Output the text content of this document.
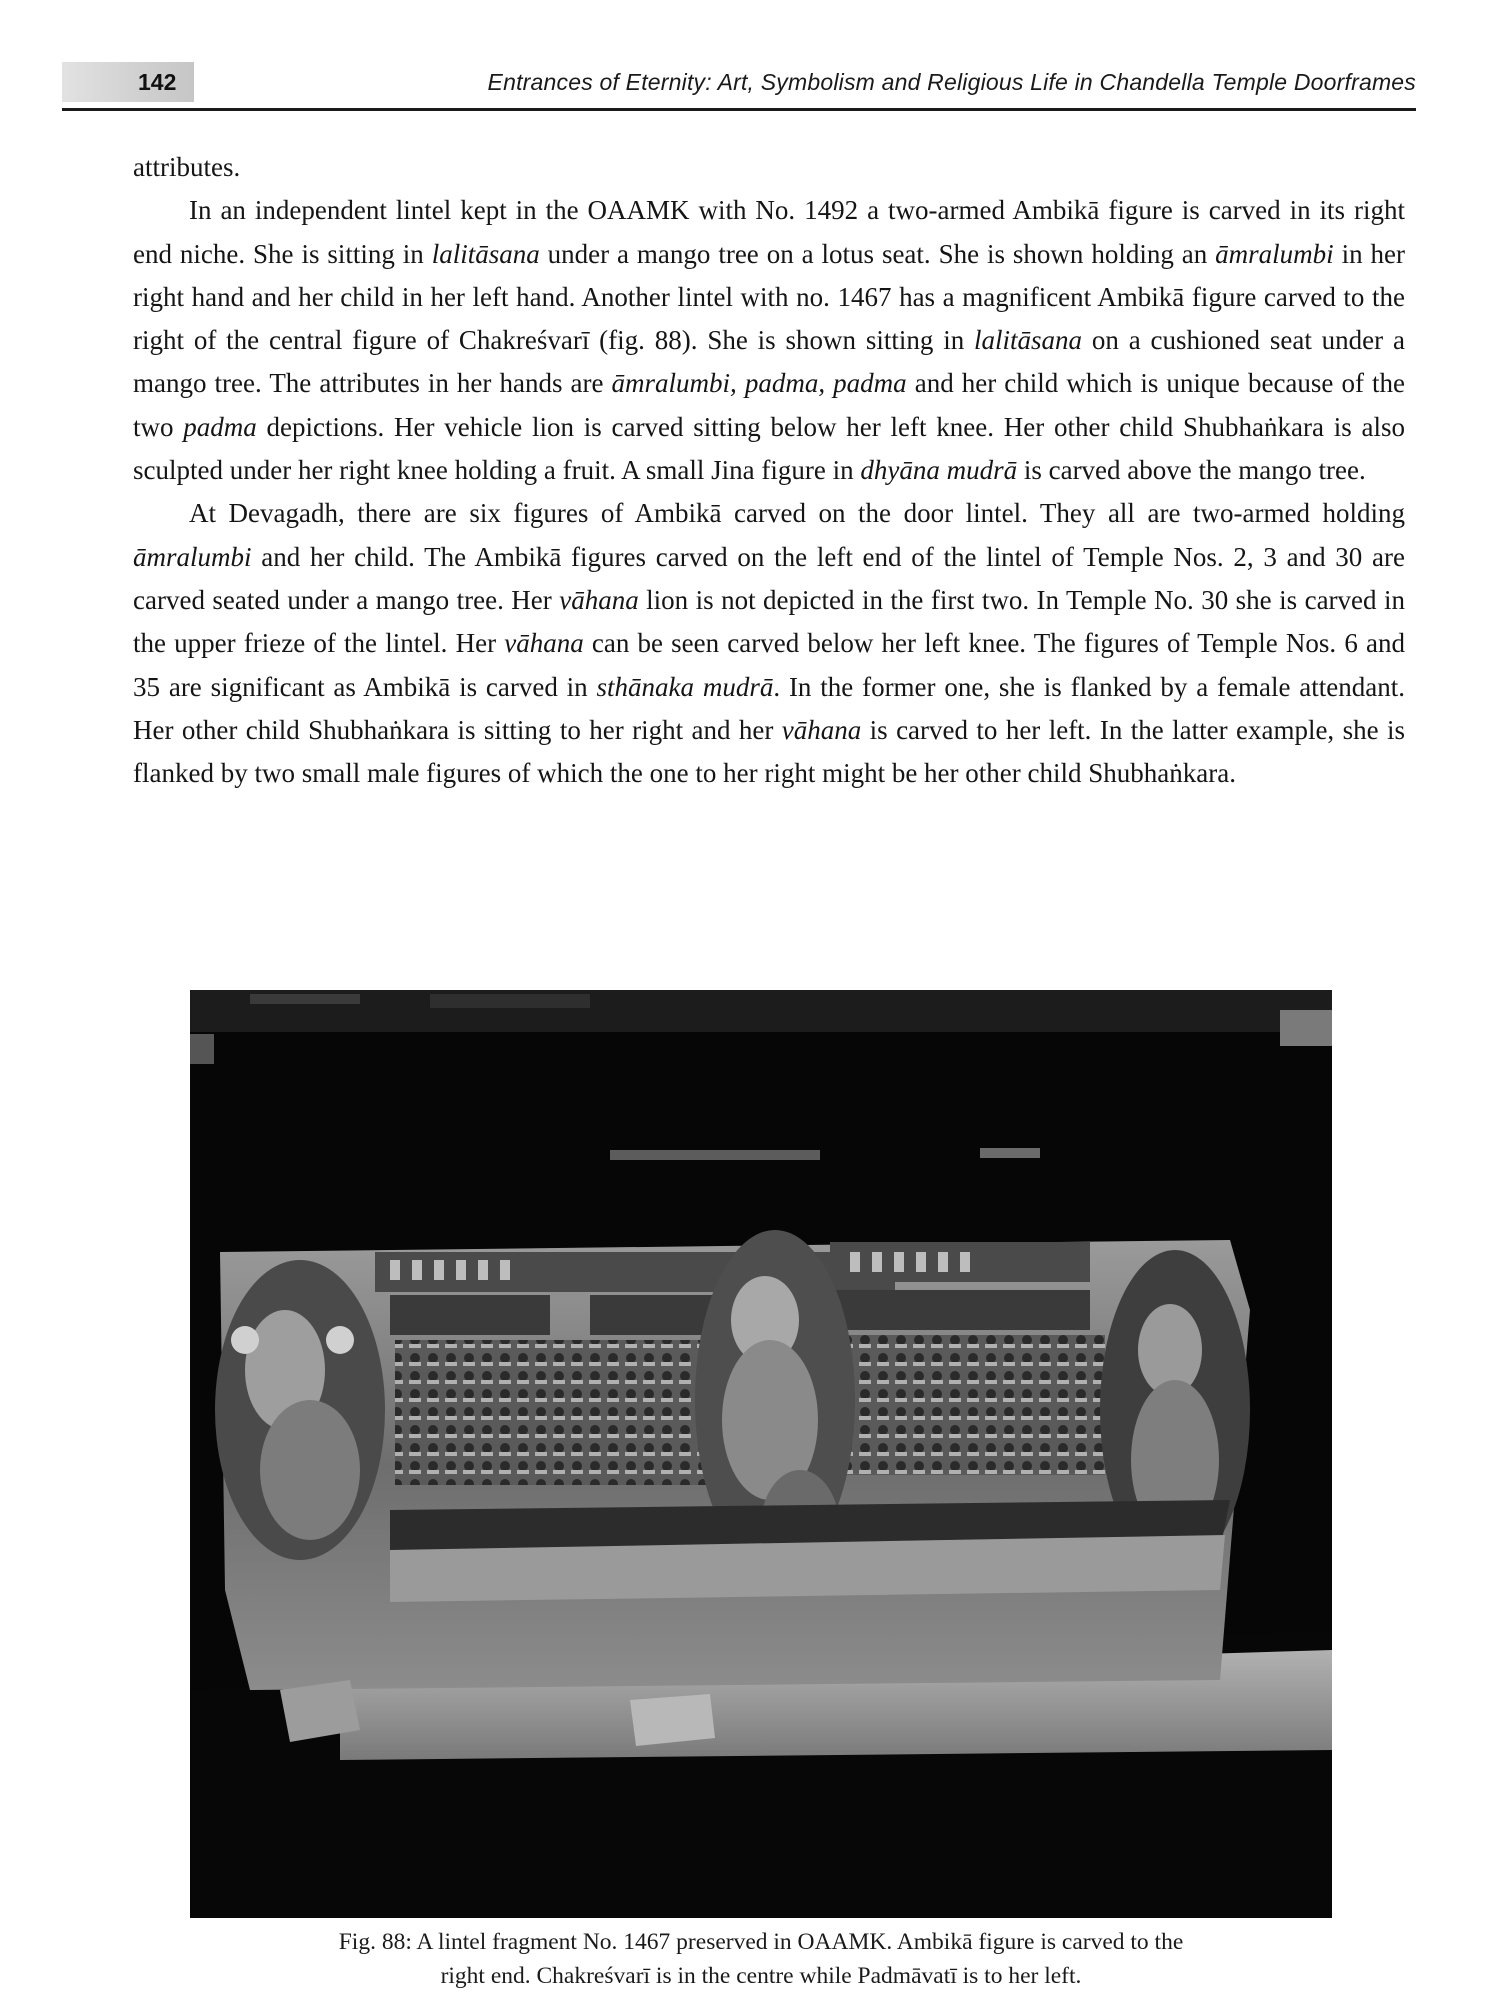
142	Entrances of Eternity: Art, Symbolism and Religious Life in Chandella Temple Doorframes

attributes.

In an independent lintel kept in the OAAMK with No. 1492 a two-armed Ambikā figure is carved in its right end niche. She is sitting in lalitāsana under a mango tree on a lotus seat. She is shown holding an āmralumbi in her right hand and her child in her left hand. Another lintel with no. 1467 has a magnificent Ambikā figure carved to the right of the central figure of Chakreśvarī (fig. 88). She is shown sitting in lalitāsana on a cushioned seat under a mango tree. The attributes in her hands are āmralumbi, padma, padma and her child which is unique because of the two padma depictions. Her vehicle lion is carved sitting below her left knee. Her other child Shubhaṅkara is also sculpted under her right knee holding a fruit. A small Jina figure in dhyāna mudrā is carved above the mango tree.

At Devagadh, there are six figures of Ambikā carved on the door lintel. They all are two-armed holding āmralumbi and her child. The Ambikā figures carved on the left end of the lintel of Temple Nos. 2, 3 and 30 are carved seated under a mango tree. Her vāhana lion is not depicted in the first two. In Temple No. 30 she is carved in the upper frieze of the lintel. Her vāhana can be seen carved below her left knee. The figures of Temple Nos. 6 and 35 are significant as Ambikā is carved in sthānaka mudrā. In the former one, she is flanked by a female attendant. Her other child Shubhaṅkara is sitting to her right and her vāhana is carved to her left. In the latter example, she is flanked by two small male figures of which the one to her right might be her other child Shubhaṅkara.

Fig. 88: A lintel fragment No. 1467 preserved in OAAMK. Ambikā figure is carved to the
right end. Chakreśvarī is in the centre while Padmāvatī is to her left.
